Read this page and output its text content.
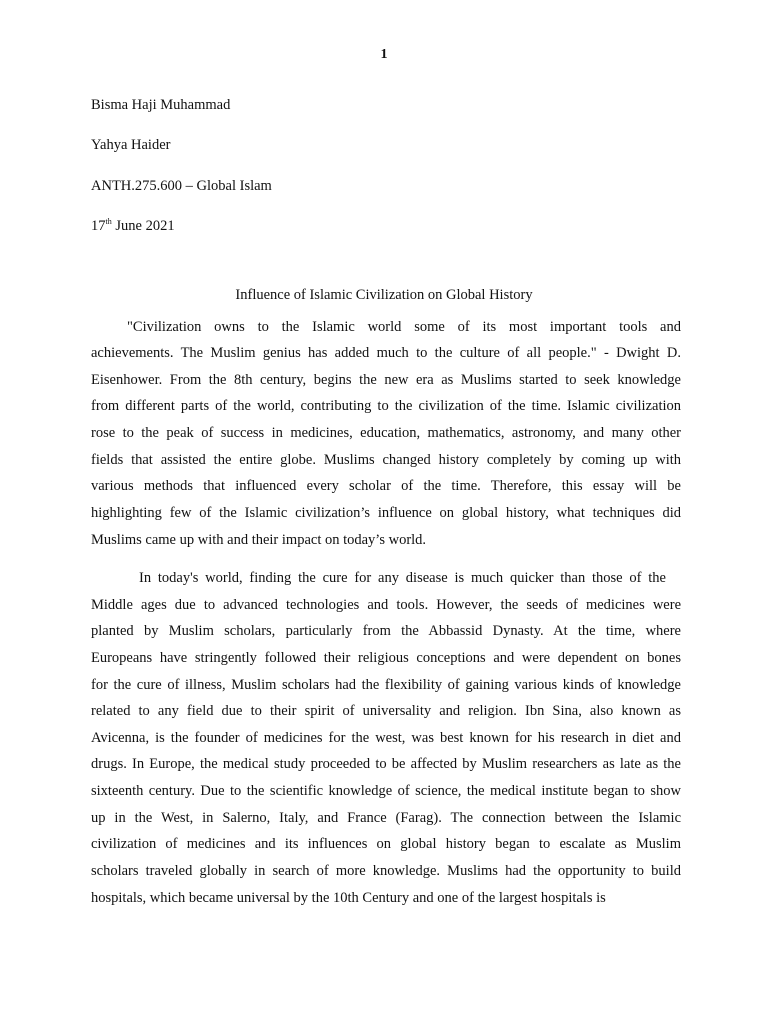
1
Bisma Haji Muhammad
Yahya Haider
ANTH.275.600 – Global Islam
17th June 2021
Influence of Islamic Civilization on Global History
"Civilization owns to the Islamic world some of its most important tools and
achievements. The Muslim genius has added much to the culture of all people." - Dwight D.
Eisenhower. From the 8th century, begins the new era as Muslims started to seek knowledge
from different parts of the world, contributing to the civilization of the time. Islamic civilization
rose to the peak of success in medicines, education, mathematics, astronomy, and many other
fields that assisted the entire globe. Muslims changed history completely by coming up with
various methods that influenced every scholar of the time. Therefore, this essay will be
highlighting few of the Islamic civilization’s influence on global history, what techniques did
Muslims came up with and their impact on today’s world.
In today's world, finding the cure for any disease is much quicker than those of the
Middle ages due to advanced technologies and tools. However, the seeds of medicines were
planted by Muslim scholars, particularly from the Abbassid Dynasty. At the time, where
Europeans have stringently followed their religious conceptions and were dependent on bones
for the cure of illness, Muslim scholars had the flexibility of gaining various kinds of knowledge
related to any field due to their spirit of universality and religion. Ibn Sina, also known as
Avicenna, is the founder of medicines for the west, was best known for his research in diet and
drugs. In Europe, the medical study proceeded to be affected by Muslim researchers as late as the
sixteenth century. Due to the scientific knowledge of science, the medical institute began to show
up in the West, in Salerno, Italy, and France (Farag). The connection between the Islamic
civilization of medicines and its influences on global history began to escalate as Muslim
scholars traveled globally in search of more knowledge. Muslims had the opportunity to build
hospitals, which became universal by the 10th Century and one of the largest hospitals is
